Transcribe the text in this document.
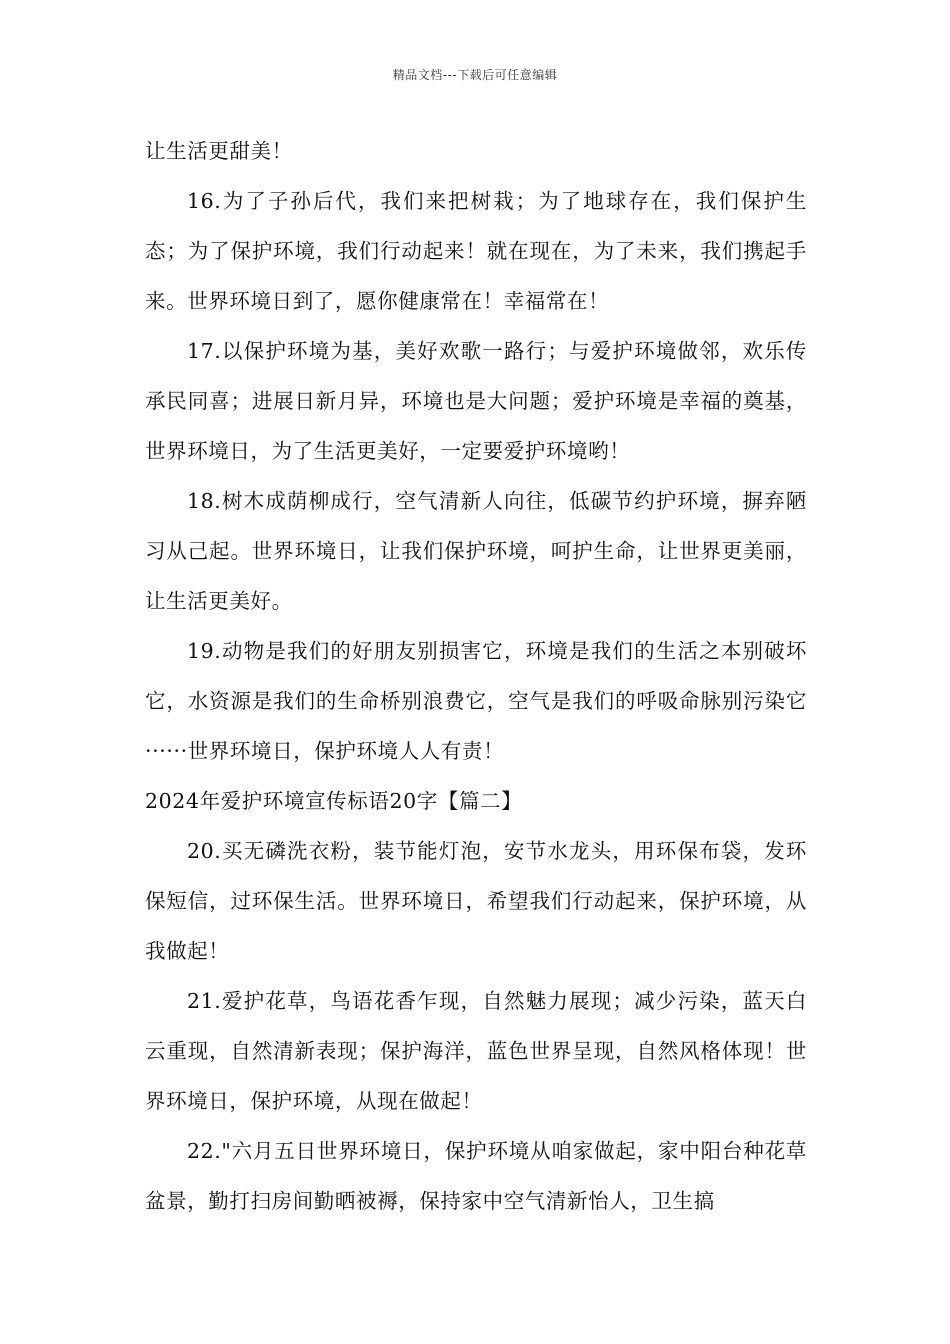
精品文档---下载后可任意编辑

让生活更甜美！

16.为了子孙后代，我们来把树栽；为了地球存在，我们保护生态；为了保护环境，我们行动起来！就在现在，为了未来，我们携起手来。世界环境日到了，愿你健康常在！幸福常在！

17.以保护环境为基，美好欢歌一路行；与爱护环境做邻，欢乐传承民同喜；进展日新月异，环境也是大问题；爱护环境是幸福的奠基，世界环境日，为了生活更美好，一定要爱护环境哟！

18.树木成荫柳成行，空气清新人向往，低碳节约护环境，摒弃陋习从己起。世界环境日，让我们保护环境，呵护生命，让世界更美丽，让生活更美好。

19.动物是我们的好朋友别损害它，环境是我们的生活之本别破坏它，水资源是我们的生命桥别浪费它，空气是我们的呼吸命脉别污染它······世界环境日，保护环境人人有责！

2024年爱护环境宣传标语20字【篇二】

20.买无磷洗衣粉，装节能灯泡，安节水龙头，用环保布袋，发环保短信，过环保生活。世界环境日，希望我们行动起来，保护环境，从我做起！

21.爱护花草，鸟语花香乍现，自然魅力展现；减少污染，蓝天白云重现，自然清新表现；保护海洋，蓝色世界呈现，自然风格体现！世界环境日，保护环境，从现在做起！

22."六月五日世界环境日，保护环境从咱家做起，家中阳台种花草盆景，勤打扫房间勤晒被褥，保持家中空气清新怡人，卫生搞
